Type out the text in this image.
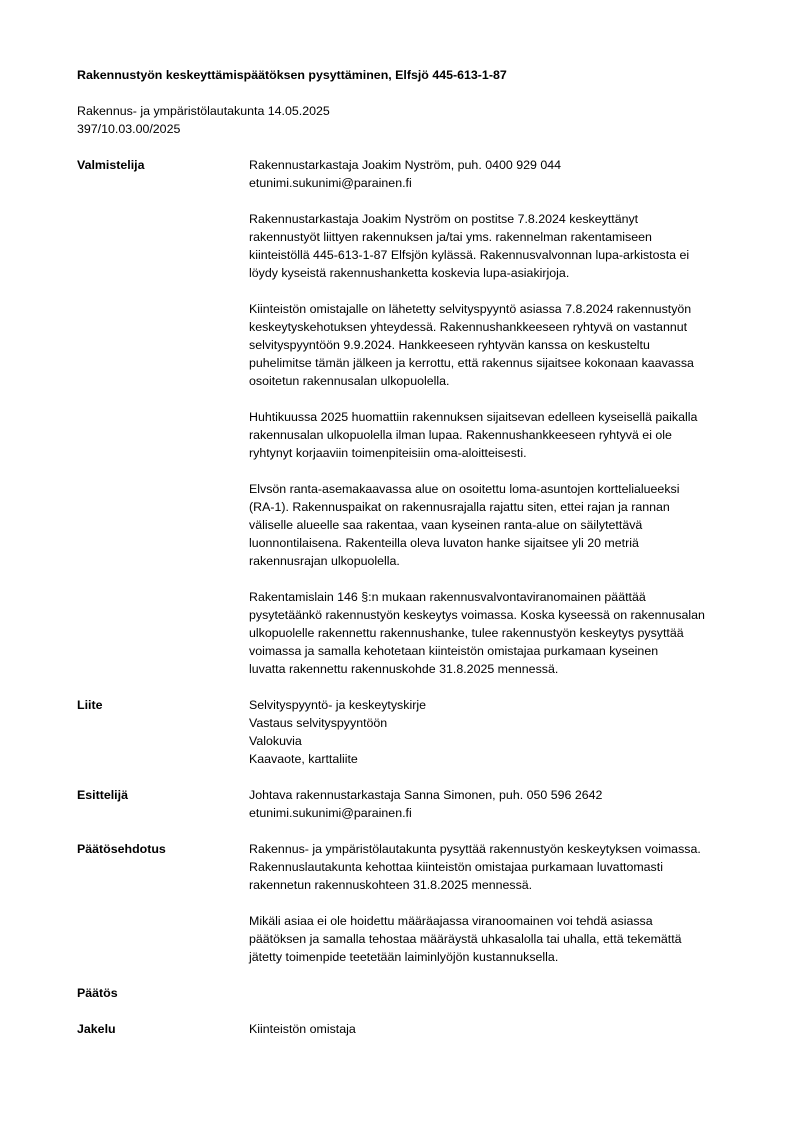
Rakennustyön keskeyttämispäätöksen pysyttäminen, Elfsjö 445-613-1-87
Rakennus- ja ympäristölautakunta 14.05.2025
397/10.03.00/2025
Valmistelija	Rakennustarkastaja Joakim Nyström, puh. 0400 929 044
etunimi.sukunimi@parainen.fi
Rakennustarkastaja Joakim Nyström on postitse 7.8.2024 keskeyttänyt
rakennustyöt liittyen rakennuksen ja/tai yms. rakennelman rakentamiseen
kiinteistöllä 445-613-1-87 Elfsjön kylässä. Rakennusvalvonnan lupa-arkistosta ei
löydy kyseistä rakennushanketta koskevia lupa-asiakirjoja.
Kiinteistön omistajalle on lähetetty selvityspyyntö asiassa 7.8.2024 rakennustyön
keskeytyskehotuksen yhteydessä. Rakennushankkeeseen ryhtyvä on vastannut
selvityspyyntöön 9.9.2024. Hankkeeseen ryhtyvän kanssa on keskusteltu
puhelimitse tämän jälkeen ja kerrottu, että rakennus sijaitsee kokonaan kaavassa
osoitetun rakennusalan ulkopuolella.
Huhtikuussa 2025 huomattiin rakennuksen sijaitsevan edelleen kyseisellä paikalla
rakennusalan ulkopuolella ilman lupaa. Rakennushankkeeseen ryhtyvä ei ole
ryhtynyt korjaaviin toimenpiteisiin oma-aloitteisesti.
Elvsön ranta-asemakaavassa alue on osoitettu loma-asuntojen korttelialueeksi
(RA-1). Rakennuspaikat on rakennusrajalla rajattu siten, ettei rajan ja rannan
väliselle alueelle saa rakentaa, vaan kyseinen ranta-alue on säilytettävä
luonnontilaisena. Rakenteilla oleva luvaton hanke sijaitsee yli 20 metriä
rakennusrajan ulkopuolella.
Rakentamislain 146 §:n mukaan rakennusvalvontaviranomainen päättää
pysytetäänkö rakennustyön keskeytys voimassa. Koska kyseessä on rakennusalan
ulkopuolelle rakennettu rakennushanke, tulee rakennustyön keskeytys pysyttää
voimassa ja samalla kehotetaan kiinteistön omistajaa purkamaan kyseinen
luvatta rakennettu rakennuskohde 31.8.2025 mennessä.
Liite	Selvityspyyntö- ja keskeytyskirje
Vastaus selvityspyyntöön
Valokuvia
Kaavaote, karttaliite
Esittelijä	Johtava rakennustarkastaja Sanna Simonen, puh. 050 596 2642
etunimi.sukunimi@parainen.fi
Päätösehdotus	Rakennus- ja ympäristölautakunta pysyttää rakennustyön keskeytyksen voimassa.
Rakennuslautakunta kehottaa kiinteistön omistajaa purkamaan luvattomasti
rakennetun rakennuskohteen 31.8.2025 mennessä.
Mikäli asiaa ei ole hoidettu määräajassa viranoomainen voi tehdä asiassa
päätöksen ja samalla tehostaa määräystä uhkasalolla tai uhalla, että tekemättä
jätetty toimenpide teetetään laiminlyöjön kustannuksella.
Päätös
Jakelu	Kiinteistön omistaja
